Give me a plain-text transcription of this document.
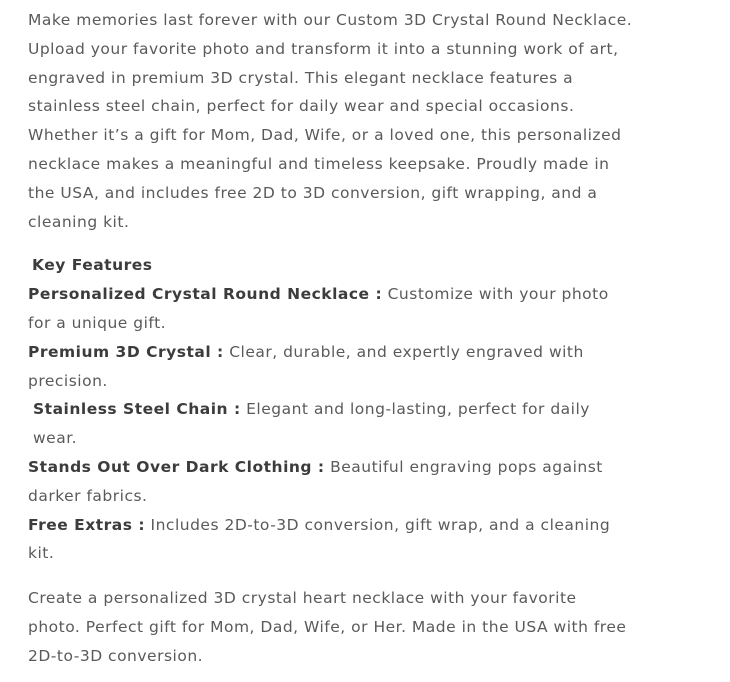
Make memories last forever with our Custom 3D Crystal Round Necklace. Upload your favorite photo and transform it into a stunning work of art, engraved in premium 3D crystal. This elegant necklace features a stainless steel chain, perfect for daily wear and special occasions. Whether it’s a gift for Mom, Dad, Wife, or a loved one, this personalized necklace makes a meaningful and timeless keepsake. Proudly made in the USA, and includes free 2D to 3D conversion, gift wrapping, and a cleaning kit.

Key Features

Personalized Crystal Round Necklace : Customize with your photo for a unique gift.

Premium 3D Crystal : Clear, durable, and expertly engraved with precision.

Stainless Steel Chain : Elegant and long-lasting, perfect for daily wear.

Stands Out Over Dark Clothing : Beautiful engraving pops against darker fabrics.

Free Extras : Includes 2D-to-3D conversion, gift wrap, and a cleaning kit.

Create a personalized 3D crystal heart necklace with your favorite photo. Perfect gift for Mom, Dad, Wife, or Her. Made in the USA with free 2D-to-3D conversion.
